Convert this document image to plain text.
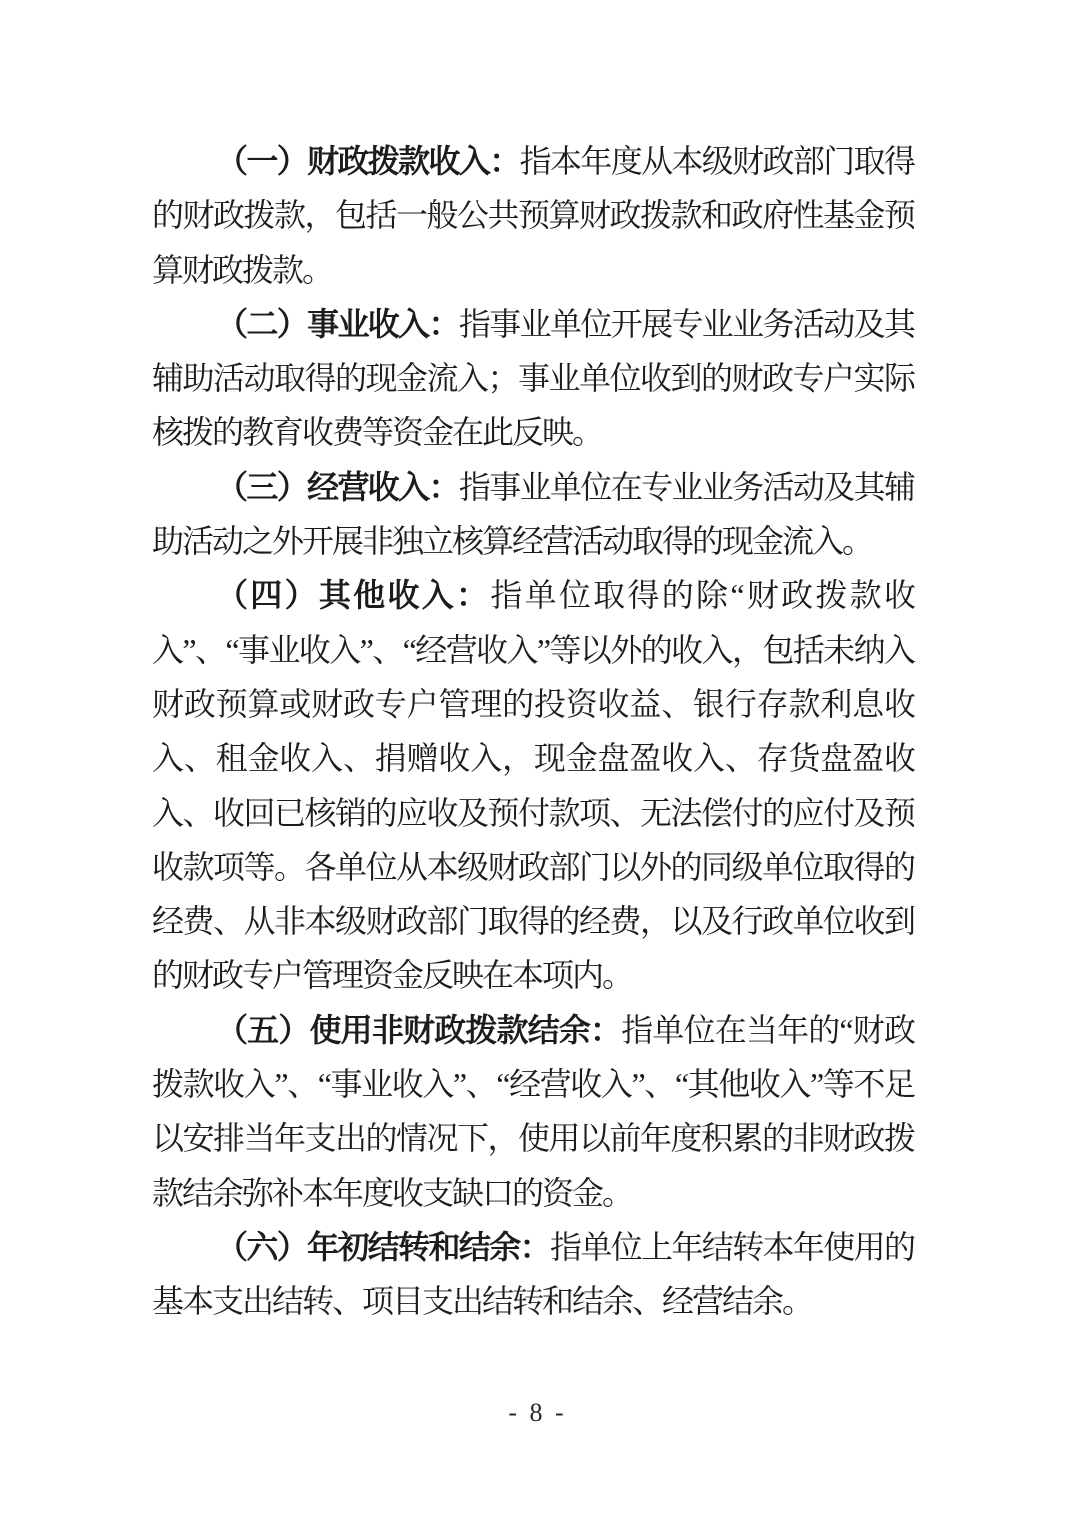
（一）财政拨款收入：指本年度从本级财政部门取得的财政拨款，包括一般公共预算财政拨款和政府性基金预算财政拨款。

（二）事业收入：指事业单位开展专业业务活动及其辅助活动取得的现金流入；事业单位收到的财政专户实际核拨的教育收费等资金在此反映。

（三）经营收入：指事业单位在专业业务活动及其辅助活动之外开展非独立核算经营活动取得的现金流入。

（四）其他收入：指单位取得的除“财政拨款收入”、“事业收入”、“经营收入”等以外的收入，包括未纳入财政预算或财政专户管理的投资收益、银行存款利息收入、租金收入、捐赠收入，现金盘盈收入、存货盘盈收入、收回已核销的应收及预付款项、无法偿付的应付及预收款项等。各单位从本级财政部门以外的同级单位取得的经费、从非本级财政部门取得的经费，以及行政单位收到的财政专户管理资金反映在本项内。

（五）使用非财政拨款结余：指单位在当年的“财政拨款收入”、“事业收入”、“经营收入”、“其他收入”等不足以安排当年支出的情况下，使用以前年度积累的非财政拨款结余弥补本年度收支缺口的资金。

（六）年初结转和结余：指单位上年结转本年使用的基本支出结转、项目支出结转和结余、经营结余。

- 8 -
